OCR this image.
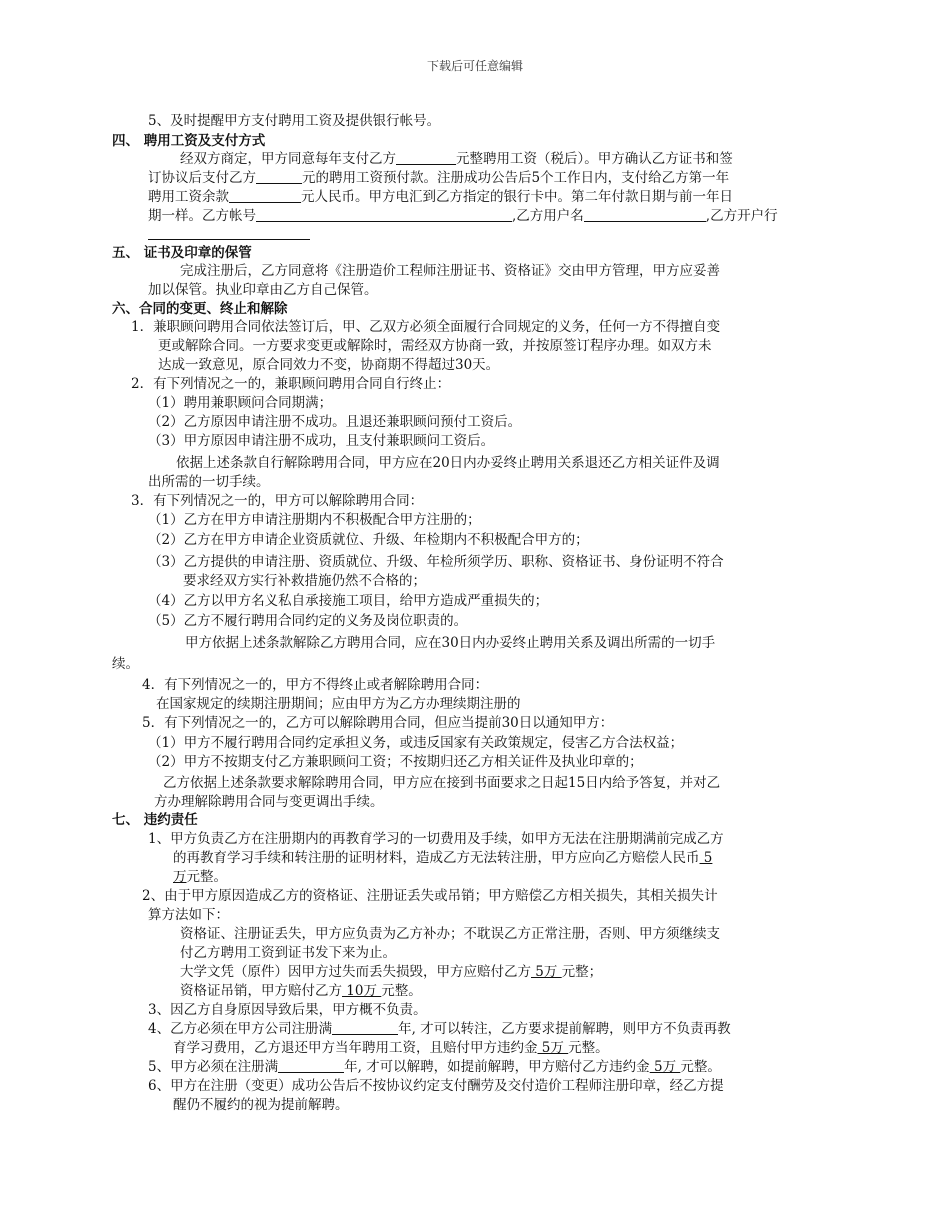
下载后可任意编辑
5、及时提醒甲方支付聘用工资及提供银行帐号。
四、 聘用工资及支付方式
经双方商定，甲方同意每年支付乙方	元整聘用工资（税后）。甲方确认乙方证书和签
订协议后支付乙方	元的聘用工资预付款。注册成功公告后5个工作日内，支付给乙方第一年
聘用工资余款	元人民币。甲方电汇到乙方指定的银行卡中。第二年付款日期与前一年日
期一样。乙方帐号	,乙方用户名	,乙方开户行
五、 证书及印章的保管
完成注册后，乙方同意将《注册造价工程师注册证书、资格证》交由甲方管理，甲方应妥善
加以保管。执业印章由乙方自己保管。
六、合同的变更、终止和解除
1．兼职顾问聘用合同依法签订后，甲、乙双方必须全面履行合同规定的义务，任何一方不得擅自变
更或解除合同。一方要求变更或解除时，需经双方协商一致，并按原签订程序办理。如双方未
达成一致意见，原合同效力不变，协商期不得超过30天。
2．有下列情况之一的，兼职顾问聘用合同自行终止：
（1）聘用兼职顾问合同期满；
（2）乙方原因申请注册不成功。且退还兼职顾问预付工资后。
（3）甲方原因申请注册不成功，且支付兼职顾问工资后。
依据上述条款自行解除聘用合同，甲方应在20日内办妥终止聘用关系退还乙方相关证件及调
出所需的一切手续。
3．有下列情况之一的，甲方可以解除聘用合同：
（1）乙方在甲方申请注册期内不积极配合甲方注册的；
（2）乙方在甲方申请企业资质就位、升级、年检期内不积极配合甲方的；
（3）乙方提供的申请注册、资质就位、升级、年检所须学历、职称、资格证书、身份证明不符合
要求经双方实行补救措施仍然不合格的；
（4）乙方以甲方名义私自承接施工项目，给甲方造成严重损失的；
（5）乙方不履行聘用合同约定的义务及岗位职责的。
甲方依据上述条款解除乙方聘用合同，应在30日内办妥终止聘用关系及调出所需的一切手
续。
4．有下列情况之一的，甲方不得终止或者解除聘用合同：
在国家规定的续期注册期间；应由甲方为乙方办理续期注册的
5．有下列情况之一的，乙方可以解除聘用合同，但应当提前30日以通知甲方：
（1）甲方不履行聘用合同约定承担义务，或违反国家有关政策规定，侵害乙方合法权益；
（2）甲方不按期支付乙方兼职顾问工资；不按期归还乙方相关证件及执业印章的；
乙方依据上述条款要求解除聘用合同，甲方应在接到书面要求之日起15日内给予答复，并对乙
方办理解除聘用合同与变更调出手续。
七、 违约责任
1、甲方负责乙方在注册期内的再教育学习的一切费用及手续，如甲方无法在注册期满前完成乙方
的再教育学习手续和转注册的证明材料，造成乙方无法转注册，甲方应向乙方赔偿人民币 5
万元整。
2、由于甲方原因造成乙方的资格证、注册证丢失或吊销；甲方赔偿乙方相关损失，其相关损失计
算方法如下：
资格证、注册证丢失，甲方应负责为乙方补办；不耽误乙方正常注册，否则、甲方须继续支
付乙方聘用工资到证书发下来为止。
大学文凭（原件）因甲方过失而丢失损毁，甲方应赔付乙方 5万 元整；
资格证吊销，甲方赔付乙方 10万 元整。
3、因乙方自身原因导致后果，甲方概不负责。
4、乙方必须在甲方公司注册满	年, 才可以转注，乙方要求提前解聘，则甲方不负责再教
育学习费用，乙方退还甲方当年聘用工资，且赔付甲方违约金 5万 元整。
5、甲方必须在注册满	年, 才可以解聘，如提前解聘，甲方赔付乙方违约金 5万 元整。
6、甲方在注册（变更）成功公告后不按协议约定支付酬劳及交付造价工程师注册印章，经乙方提
醒仍不履约的视为提前解聘。
